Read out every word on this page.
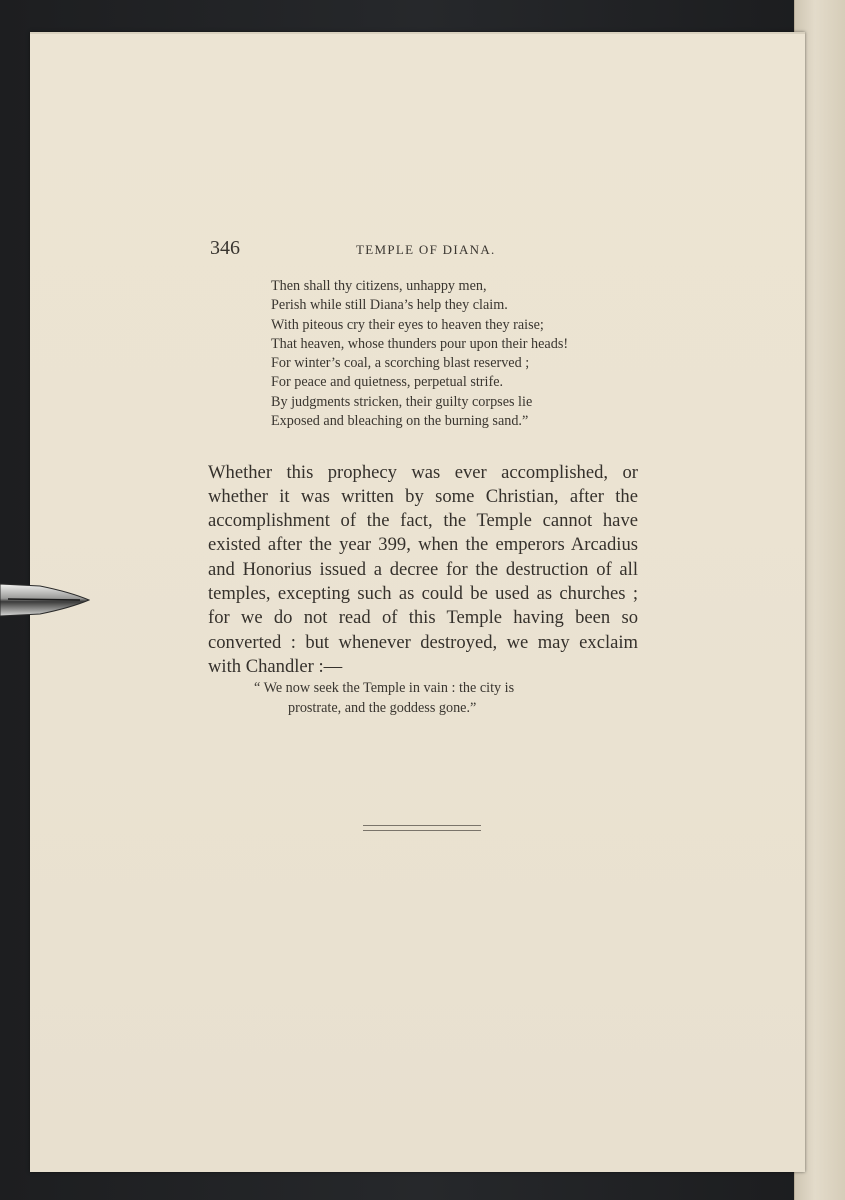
346	TEMPLE OF DIANA.
Then shall thy citizens, unhappy men,
Perish while still Diana’s help they claim.
With piteous cry their eyes to heaven they raise;
That heaven, whose thunders pour upon their heads!
For winter’s coal, a scorching blast reserved ;
For peace and quietness, perpetual strife.
By judgments stricken, their guilty corpses lie
Exposed and bleaching on the burning sand.”

Whether this prophecy was ever accomplished, or whether it was written by some Christian, after the accomplishment of the fact, the Temple cannot have existed after the year 399, when the emperors Arcadius and Honorius issued a decree for the destruction of all temples, excepting such as could be used as churches ; for we do not read of this Temple having been so converted : but whenever destroyed, we may exclaim with Chandler :—

“ We now seek the Temple in vain : the city is
prostrate, and the goddess gone.”
